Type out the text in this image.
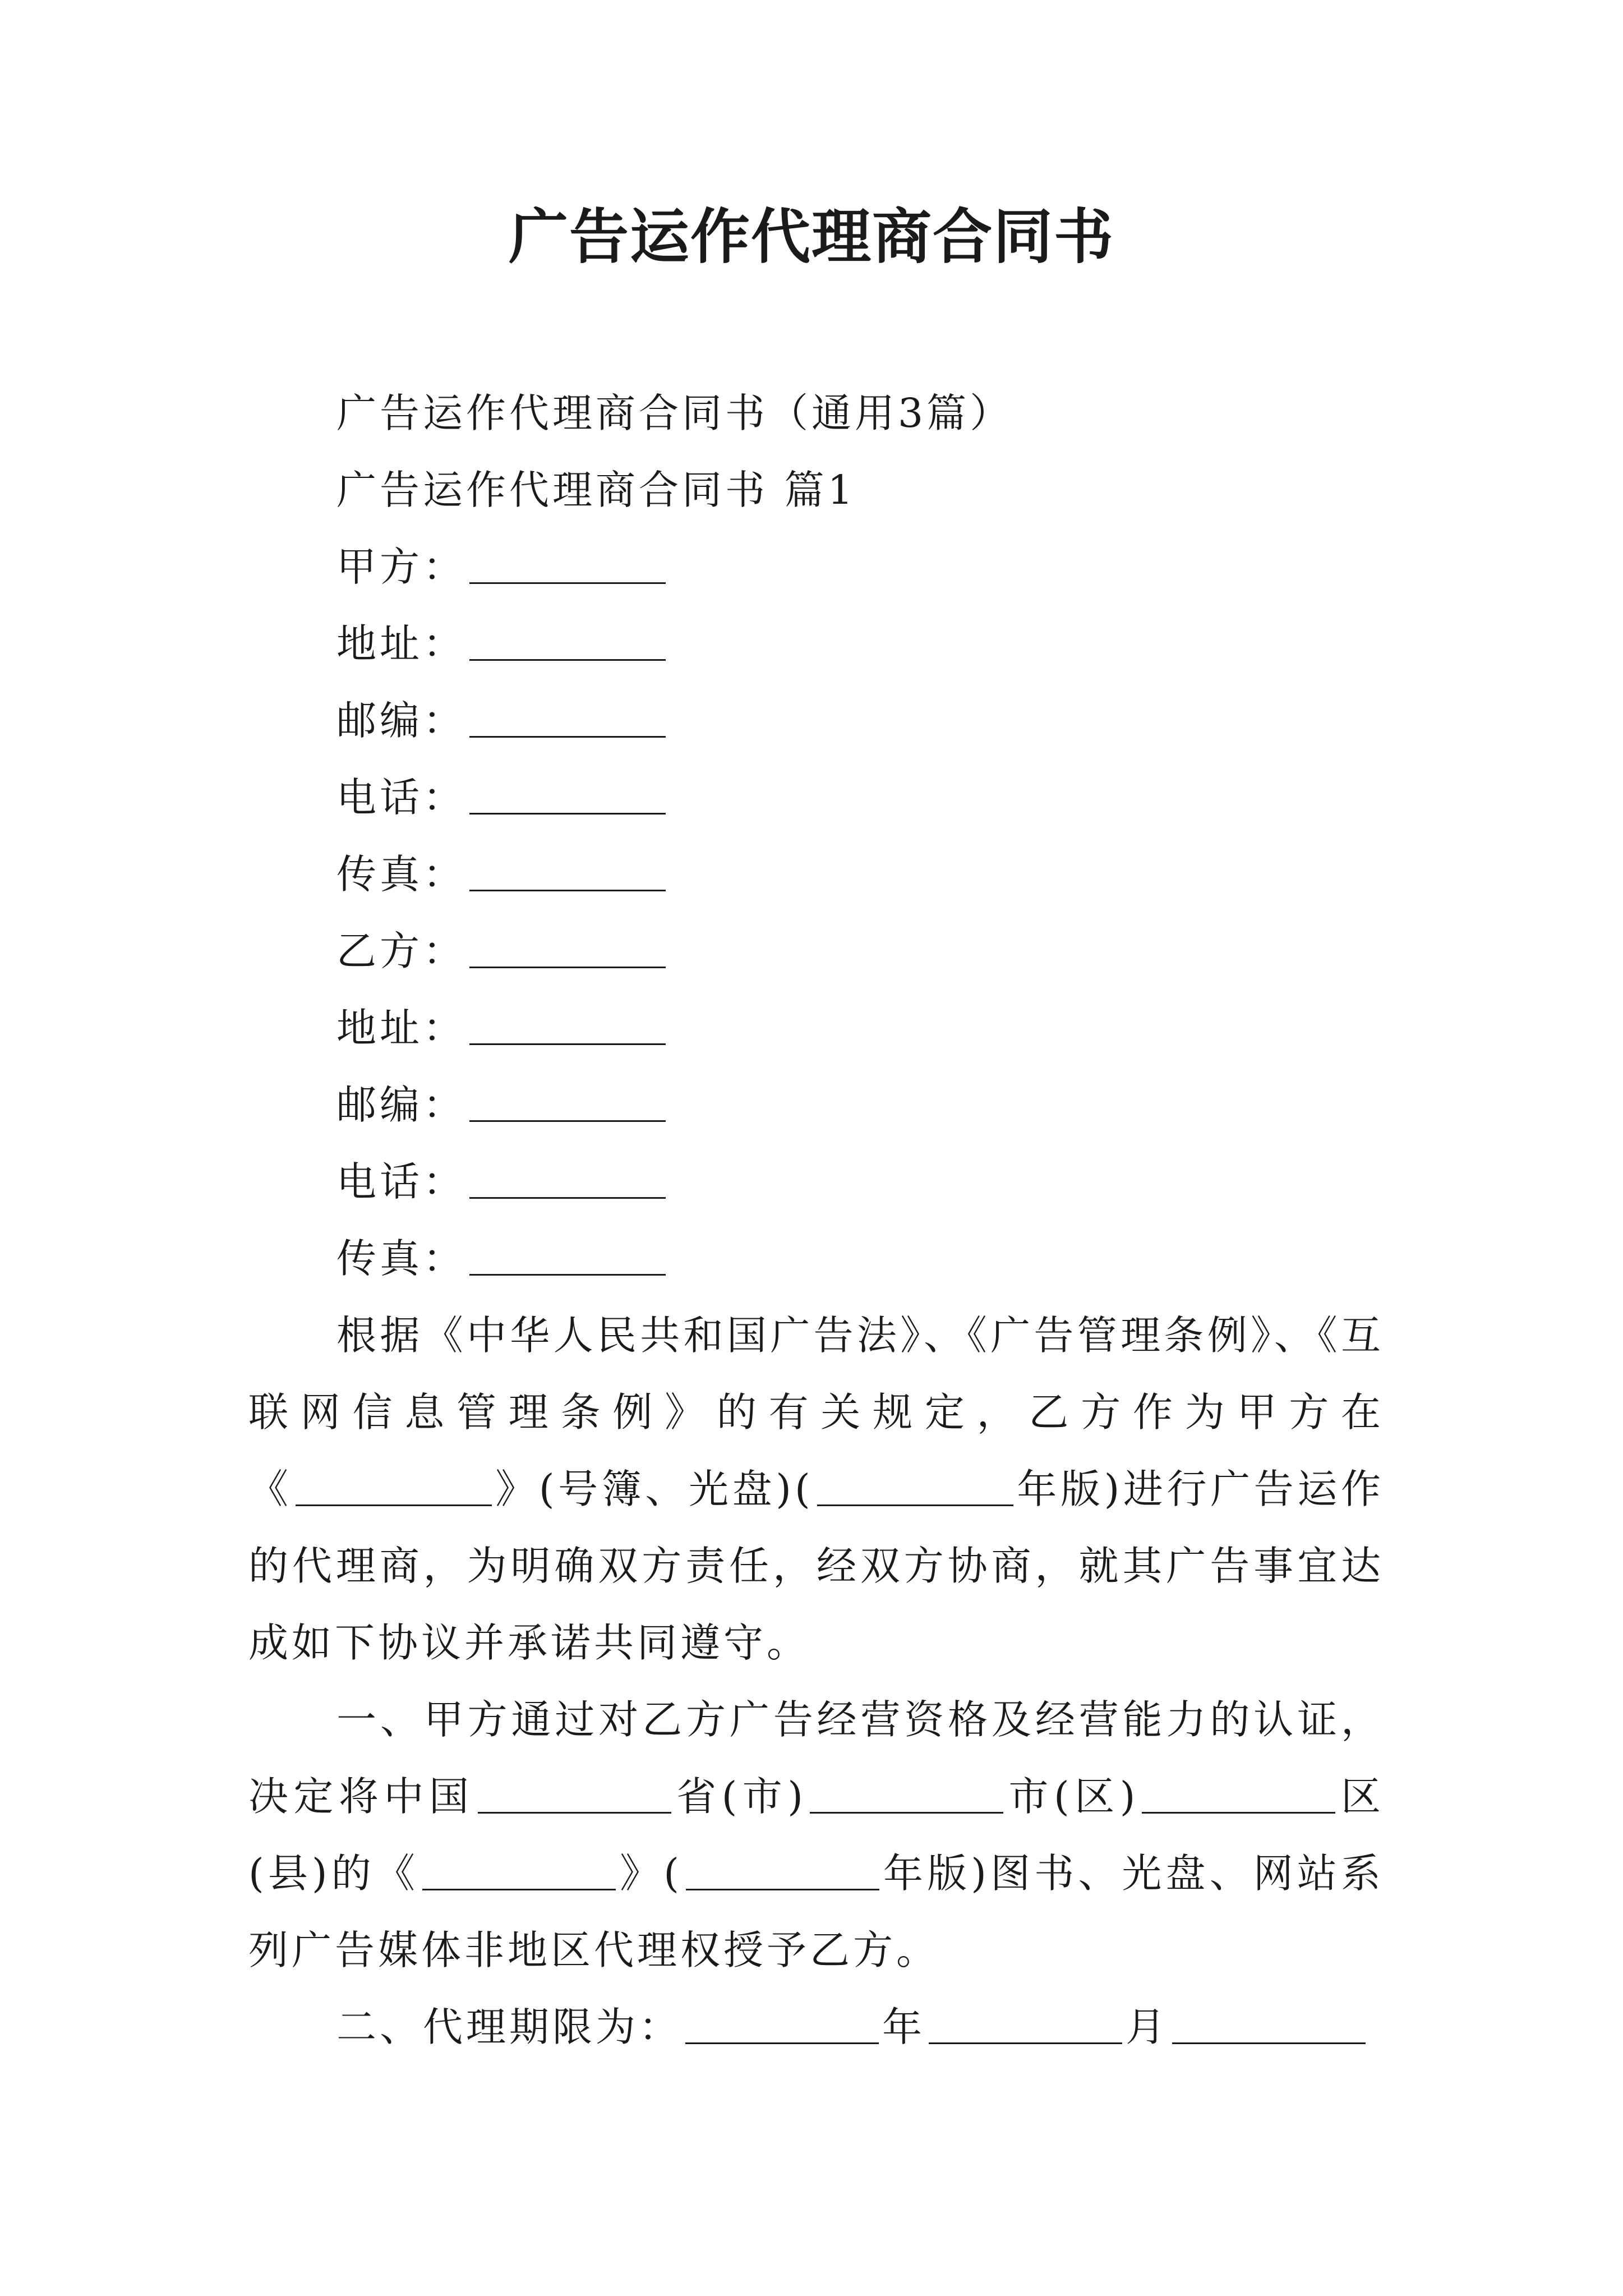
广告运作代理商合同书
广告运作代理商合同书（通用3篇）
广告运作代理商合同书 篇1
甲方：
地址：
邮编：
电话：
传真：
乙方：
地址：
邮编：
电话：
传真：
根据《中华人民共和国广告法》、《广告管理条例》、《互
联网信息管理条例》的有关规定，乙方作为甲方在
《	》(号簿、光盘)(	年版)进行广告运作
的代理商，为明确双方责任，经双方协商，就其广告事宜达
成如下协议并承诺共同遵守。
一、甲方通过对乙方广告经营资格及经营能力的认证，
决定将中国	省(市)	市(区)	区
(县)的《	》(	年版)图书、光盘、网站系
列广告媒体非地区代理权授予乙方。
二、代理期限为：	年	月
